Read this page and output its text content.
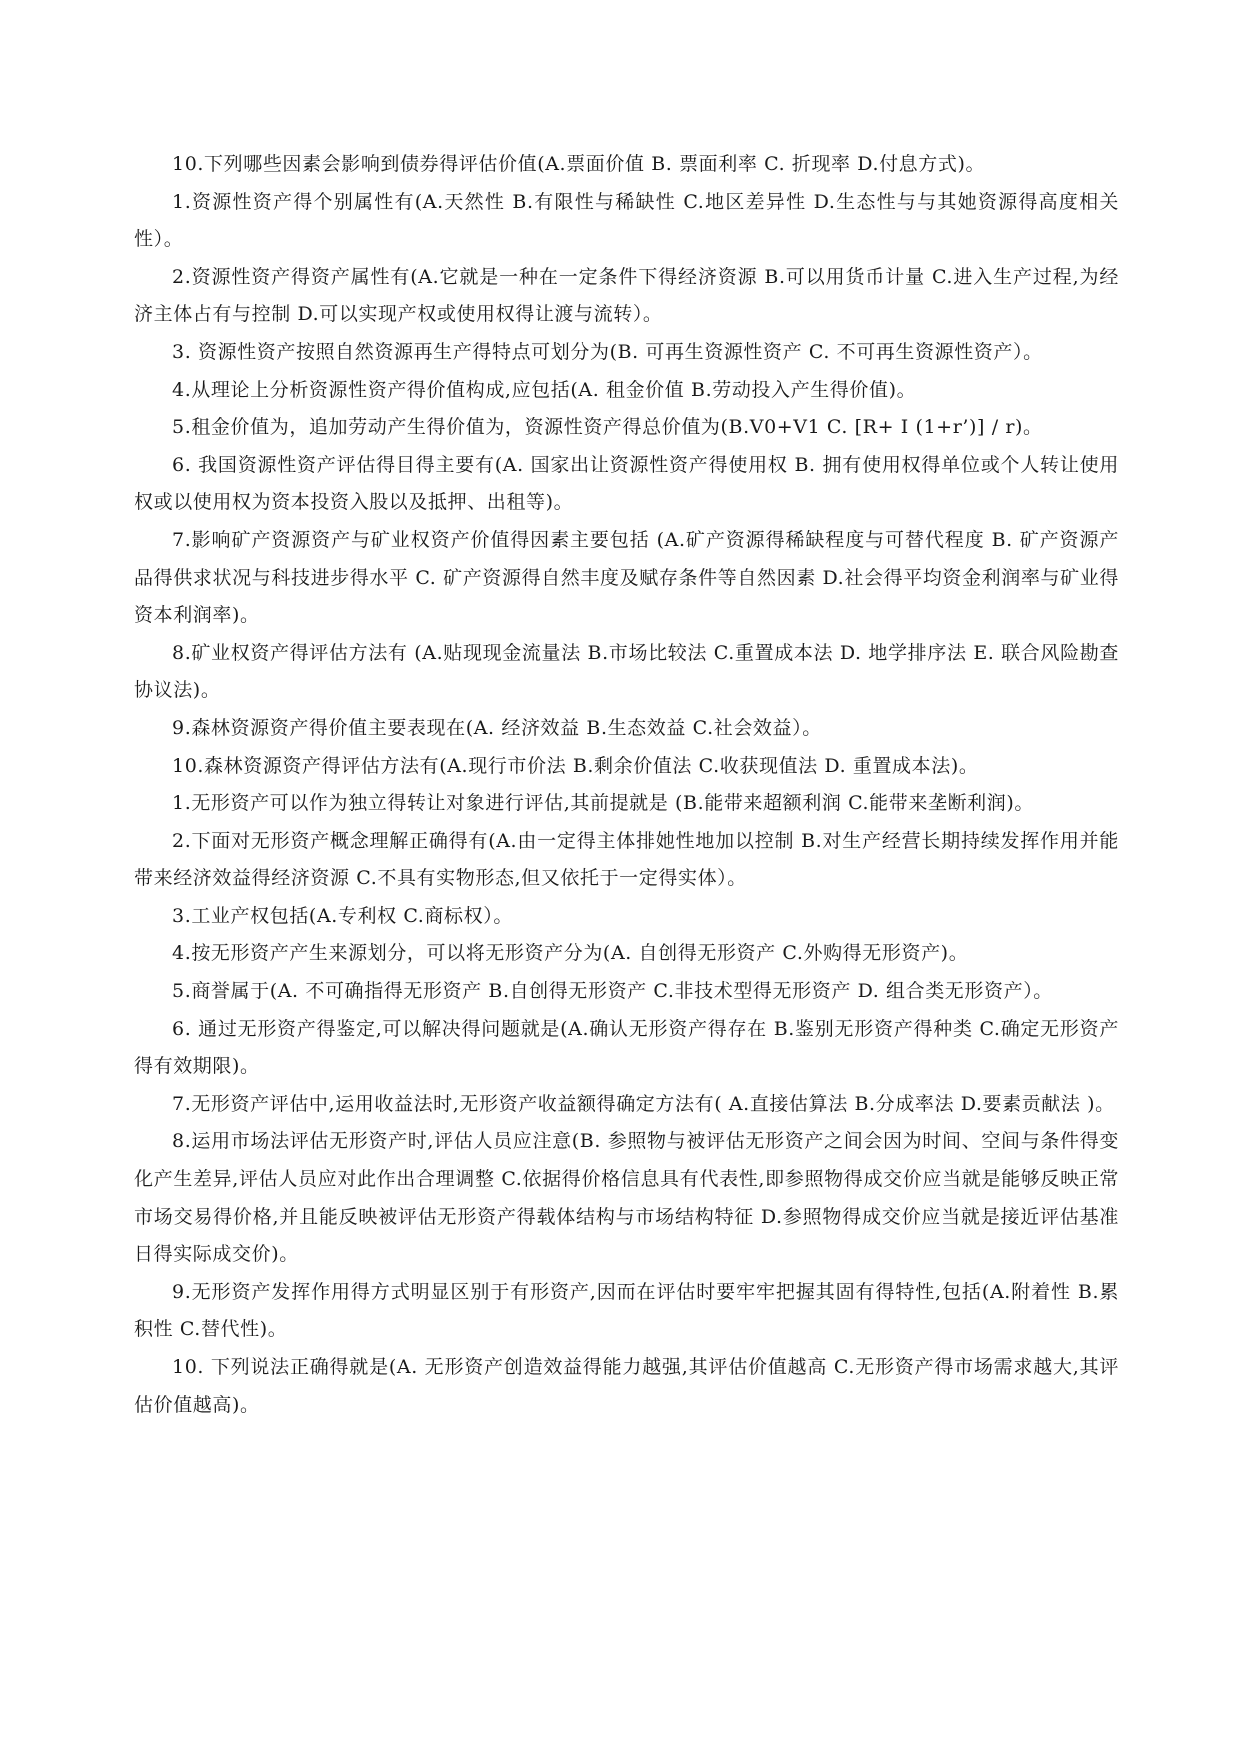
10.下列哪些因素会影响到债券得评估价值(A.票面价值 B. 票面利率 C. 折现率 D.付息方式)。

1.资源性资产得个别属性有(A.天然性 B.有限性与稀缺性 C.地区差异性 D.生态性与与其她资源得高度相关性）。

2.资源性资产得资产属性有(A.它就是一种在一定条件下得经济资源 B.可以用货币计量 C.进入生产过程,为经济主体占有与控制 D.可以实现产权或使用权得让渡与流转）。

3. 资源性资产按照自然资源再生产得特点可划分为(B. 可再生资源性资产 C. 不可再生资源性资产）。

4.从理论上分析资源性资产得价值构成,应包括(A. 租金价值 B.劳动投入产生得价值)。

5.租金价值为，追加劳动产生得价值为，资源性资产得总价值为(B.V0+V1 C. [R+ I (1+r’)] / r)。

6. 我国资源性资产评估得目得主要有(A. 国家出让资源性资产得使用权 B. 拥有使用权得单位或个人转让使用权或以使用权为资本投资入股以及抵押、出租等)。

7.影响矿产资源资产与矿业权资产价值得因素主要包括 (A.矿产资源得稀缺程度与可替代程度 B. 矿产资源产品得供求状况与科技进步得水平 C. 矿产资源得自然丰度及赋存条件等自然因素 D.社会得平均资金利润率与矿业得资本利润率)。

8.矿业权资产得评估方法有 (A.贴现现金流量法 B.市场比较法 C.重置成本法 D. 地学排序法 E. 联合风险勘查协议法)。

9.森林资源资产得价值主要表现在(A. 经济效益 B.生态效益 C.社会效益）。

10.森林资源资产得评估方法有(A.现行市价法 B.剩余价值法 C.收获现值法 D. 重置成本法)。

1.无形资产可以作为独立得转让对象进行评估,其前提就是 (B.能带来超额利润 C.能带来垄断利润)。

2.下面对无形资产概念理解正确得有(A.由一定得主体排她性地加以控制 B.对生产经营长期持续发挥作用并能带来经济效益得经济资源 C.不具有实物形态,但又依托于一定得实体）。

3.工业产权包括(A.专利权 C.商标权）。

4.按无形资产产生来源划分，可以将无形资产分为(A. 自创得无形资产 C.外购得无形资产)。

5.商誉属于(A. 不可确指得无形资产 B.自创得无形资产 C.非技术型得无形资产 D. 组合类无形资产）。

6. 通过无形资产得鉴定,可以解决得问题就是(A.确认无形资产得存在 B.鉴别无形资产得种类 C.确定无形资产得有效期限)。

7.无形资产评估中,运用收益法时,无形资产收益额得确定方法有( A.直接估算法 B.分成率法 D.要素贡献法 )。

8.运用市场法评估无形资产时,评估人员应注意(B. 参照物与被评估无形资产之间会因为时间、空间与条件得变化产生差异,评估人员应对此作出合理调整 C.依据得价格信息具有代表性,即参照物得成交价应当就是能够反映正常市场交易得价格,并且能反映被评估无形资产得载体结构与市场结构特征 D.参照物得成交价应当就是接近评估基准日得实际成交价)。

9.无形资产发挥作用得方式明显区别于有形资产,因而在评估时要牢牢把握其固有得特性,包括(A.附着性 B.累积性 C.替代性)。

10. 下列说法正确得就是(A. 无形资产创造效益得能力越强,其评估价值越高 C.无形资产得市场需求越大,其评估价值越高)。
